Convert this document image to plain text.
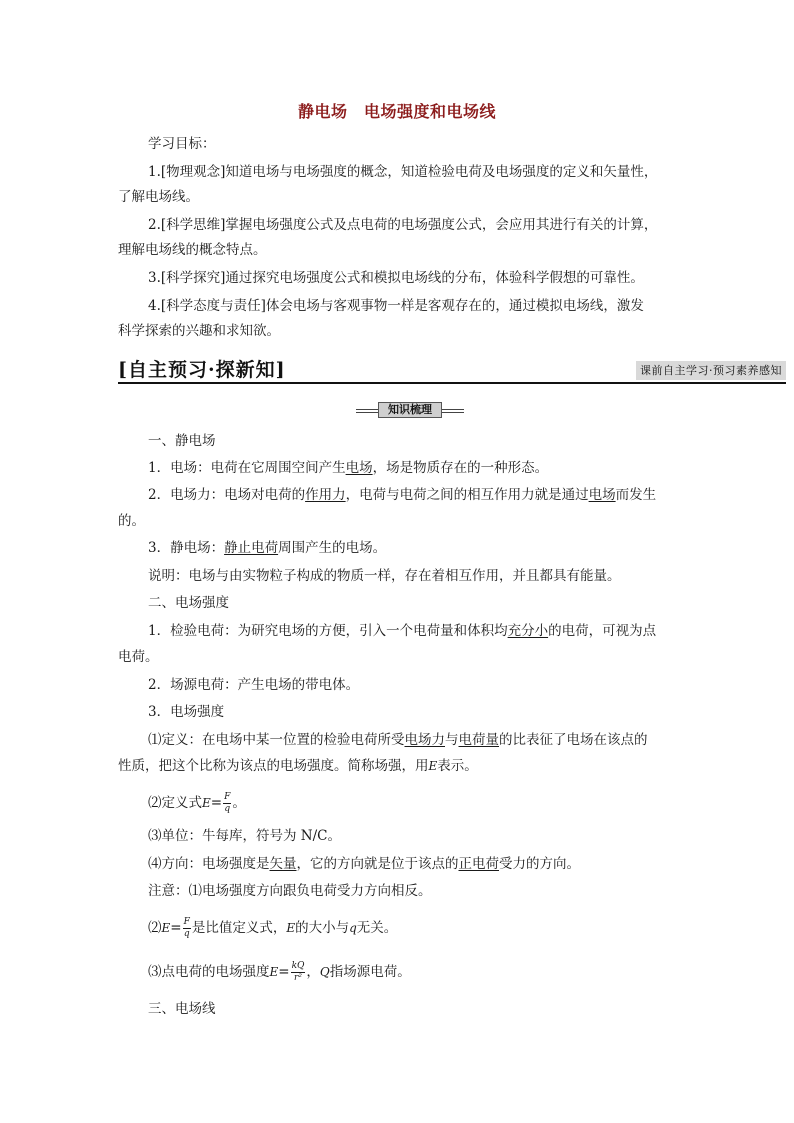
静电场　电场强度和电场线
学习目标：
1.[物理观念]知道电场与电场强度的概念，知道检验电荷及电场强度的定义和矢量性，
了解电场线。
2.[科学思维]掌握电场强度公式及点电荷的电场强度公式，会应用其进行有关的计算，
理解电场线的概念特点。
3.[科学探究]通过探究电场强度公式和模拟电场线的分布，体验科学假想的可靠性。
4.[科学态度与责任]体会电场与客观事物一样是客观存在的，通过模拟电场线，激发
科学探索的兴趣和求知欲。
[自主预习·探新知]	课前自主学习·预习素养感知
知识梳理
一、静电场
1．电场：电荷在它周围空间产生电场，场是物质存在的一种形态。
2．电场力：电场对电荷的作用力，电荷与电荷之间的相互作用力就是通过电场而发生
的。
3．静电场：静止电荷周围产生的电场。
说明：电场与由实物粒子构成的物质一样，存在着相互作用，并且都具有能量。
二、电场强度
1．检验电荷：为研究电场的方便，引入一个电荷量和体积均充分小的电荷，可视为点
电荷。
2．场源电荷：产生电场的带电体。
3．电场强度
⑴定义：在电场中某一位置的检验电荷所受电场力与电荷量的比表征了电场在该点的
性质，把这个比称为该点的电场强度。简称场强，用E表示。
⑵定义式$E= \frac{F}{q}$ 。
⑶单位：牛每库，符号为 N/C。
⑷方向：电场强度是矢量，它的方向就是位于该点的正电荷受力的方向。
注意：⑴电场强度方向跟负电荷受力方向相反。
⑵E= $\frac{F}{q}$ 是比值定义式，E的大小与q无关。
⑶点电荷的电场强度$E= \frac{kQ}{\text{r²}}$ ，Q指场源电荷。
三、电场线
